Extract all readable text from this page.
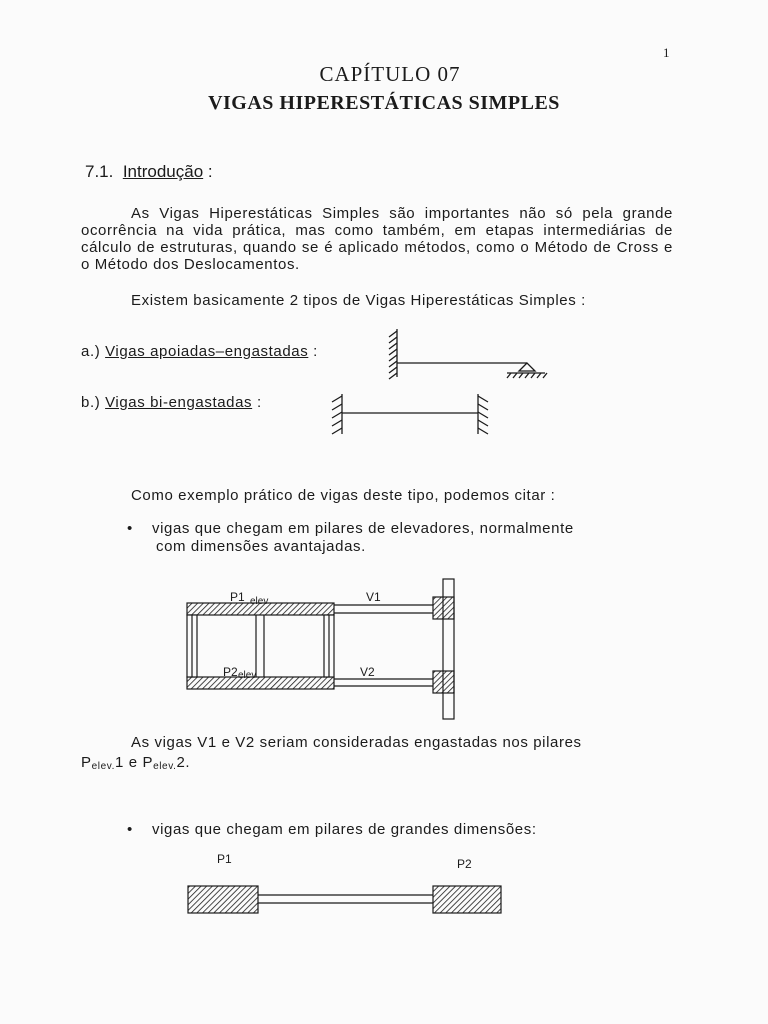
1
CAPÍTULO 07
VIGAS HIPERESTÁTICAS SIMPLES
7.1. Introdução :
As Vigas Hiperestáticas Simples são importantes não só pela grande ocorrência na vida prática, mas como também, em etapas intermediárias de cálculo de estruturas, quando se é aplicado métodos, como o Método de Cross e o Método dos Deslocamentos.
Existem basicamente 2 tipos de Vigas Hiperestáticas Simples :
a.) Vigas apoiadas–engastadas :
b.) Vigas bi-engastadas :
Como exemplo prático de vigas deste tipo, podemos citar :
• vigas que chegam em pilares de elevadores, normalmente
com dimensões avantajadas.
P1 elev	V1
P2 elev	V2
As vigas V1 e V2 seriam consideradas engastadas nos pilares
$P_{elev.}1$ e $P_{elev.}2$.
• vigas que chegam em pilares de grandes dimensões:
P1	P2
